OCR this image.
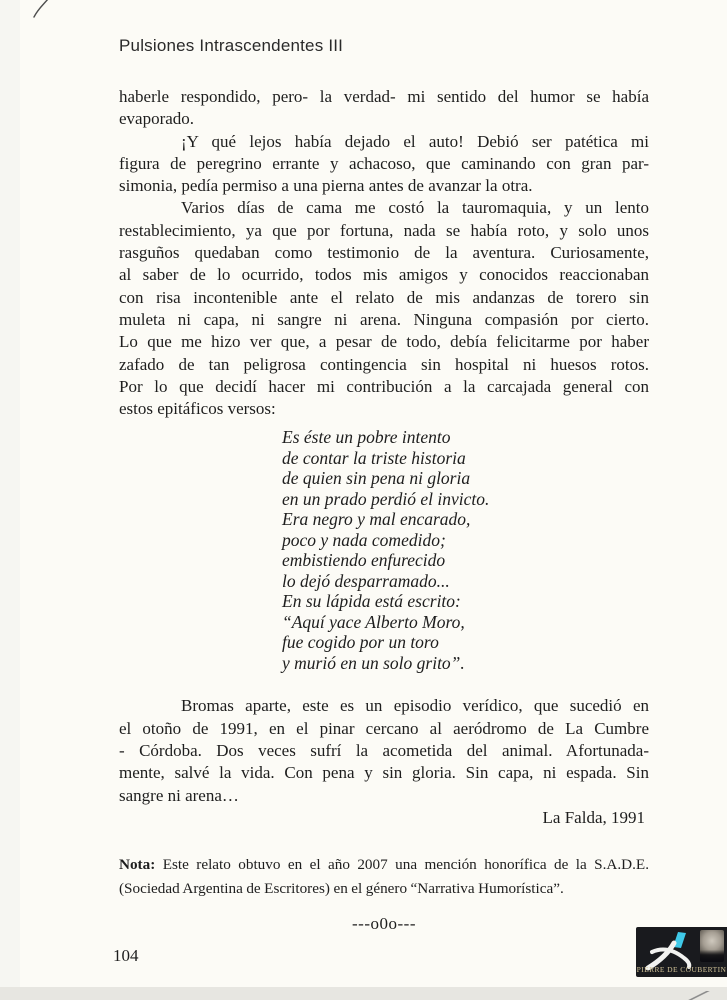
Pulsiones Intrascendentes III
haberle respondido, pero- la verdad- mi sentido del humor se había
evaporado.
¡Y qué lejos había dejado el auto! Debió ser patética mi
figura de peregrino errante y achacoso, que caminando con gran par-
simonia, pedía permiso a una pierna antes de avanzar la otra.
Varios días de cama me costó la tauromaquia, y un lento
restablecimiento, ya que por fortuna, nada se había roto, y solo unos
rasguños quedaban como testimonio de la aventura. Curiosamente,
al saber de lo ocurrido, todos mis amigos y conocidos reaccionaban
con risa incontenible ante el relato de mis andanzas de torero sin
muleta ni capa, ni sangre ni arena. Ninguna compasión por cierto.
Lo que me hizo ver que, a pesar de todo, debía felicitarme por haber
zafado de tan peligrosa contingencia sin hospital ni huesos rotos.
Por lo que decidí hacer mi contribución a la carcajada general con
estos epitáficos versos:
Es éste un pobre intento
de contar la triste historia
de quien sin pena ni gloria
en un prado perdió el invicto.
Era negro y mal encarado,
poco y nada comedido;
embistiendo enfurecido
lo dejó desparramado...
En su lápida está escrito:
“Aquí yace Alberto Moro,
fue cogido por un toro
y murió en un solo grito”.
Bromas aparte, este es un episodio verídico, que sucedió en
el otoño de 1991, en el pinar cercano al aeródromo de La Cumbre
- Córdoba. Dos veces sufrí la acometida del animal. Afortunada-
mente, salvé la vida. Con pena y sin gloria. Sin capa, ni espada. Sin
sangre ni arena…
La Falda, 1991
Nota: Este relato obtuvo en el año 2007 una mención honorífica de la S.A.D.E.
(Sociedad Argentina de Escritores) en el género “Narrativa Humorística”.
---o0o---
104
PIERRE DE COUBERTIN
